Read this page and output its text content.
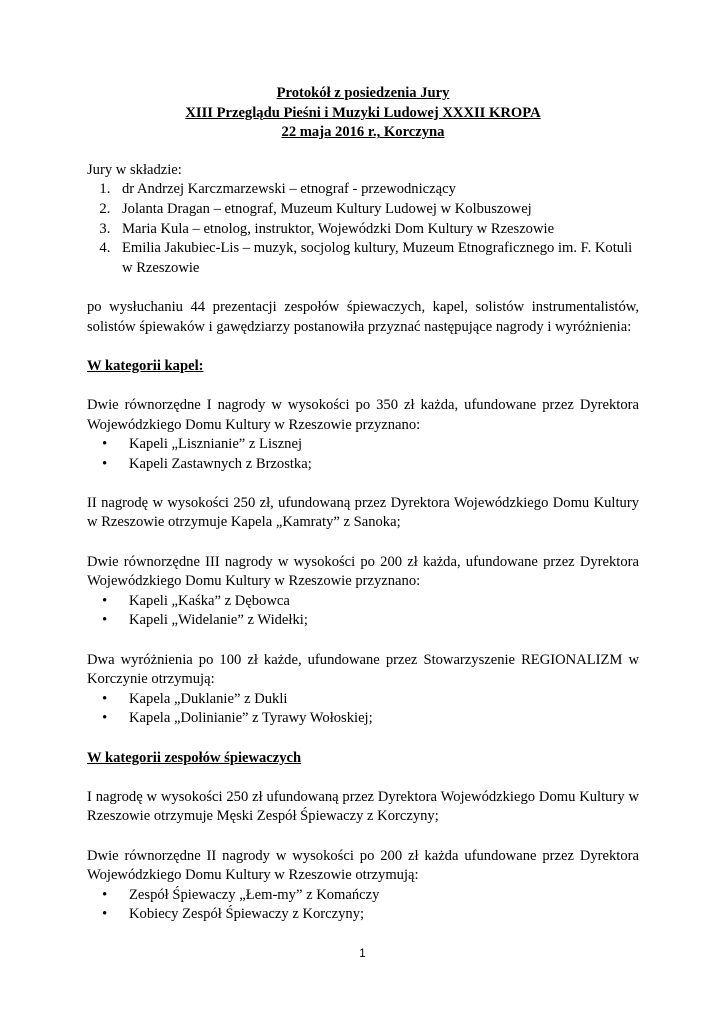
Protokół z posiedzenia Jury
XIII Przeglądu Pieśni i Muzyki Ludowej XXXII KROPA
22 maja 2016 r., Korczyna

Jury w składzie:

1. dr Andrzej Karczmarzewski – etnograf - przewodniczący
2. Jolanta Dragan – etnograf, Muzeum Kultury Ludowej w Kolbuszowej
3. Maria Kula – etnolog, instruktor, Wojewódzki Dom Kultury w Rzeszowie
4. Emilia Jakubiec-Lis – muzyk, socjolog kultury, Muzeum Etnograficznego im. F. Kotuli w Rzeszowie

po wysłuchaniu 44 prezentacji zespołów śpiewaczych, kapel, solistów instrumentalistów, solistów śpiewaków i gawędziarzy postanowiła przyznać następujące nagrody i wyróżnienia:

W kategorii kapel:

Dwie równorzędne I nagrody w wysokości po 350 zł każda, ufundowane przez Dyrektora Wojewódzkiego Domu Kultury w Rzeszowie przyznano:

• Kapeli „Lisznianie” z Lisznej
• Kapeli Zastawnych z Brzostka;

II nagrodę w wysokości 250 zł, ufundowaną przez Dyrektora Wojewódzkiego Domu Kultury w Rzeszowie otrzymuje Kapela „Kamraty” z Sanoka;

Dwie równorzędne III nagrody w wysokości po 200 zł każda, ufundowane przez Dyrektora Wojewódzkiego Domu Kultury w Rzeszowie przyznano:

• Kapeli „Kaśka” z Dębowca
• Kapeli „Widelanie” z Widełki;

Dwa wyróżnienia po 100 zł każde, ufundowane przez Stowarzyszenie REGIONALIZM w Korczynie otrzymują:

• Kapela „Duklanie” z Dukli
• Kapela „Dolinianie” z Tyrawy Wołoskiej;

W kategorii zespołów śpiewaczych

I nagrodę w wysokości 250 zł ufundowaną przez Dyrektora Wojewódzkiego Domu Kultury w Rzeszowie otrzymuje Męski Zespół Śpiewaczy z Korczyny;

Dwie równorzędne II nagrody w wysokości po 200 zł każda ufundowane przez Dyrektora Wojewódzkiego Domu Kultury w Rzeszowie otrzymują:

• Zespół Śpiewaczy „Łem-my” z Komańczy
• Kobiecy Zespół Śpiewaczy z Korczyny;
1
